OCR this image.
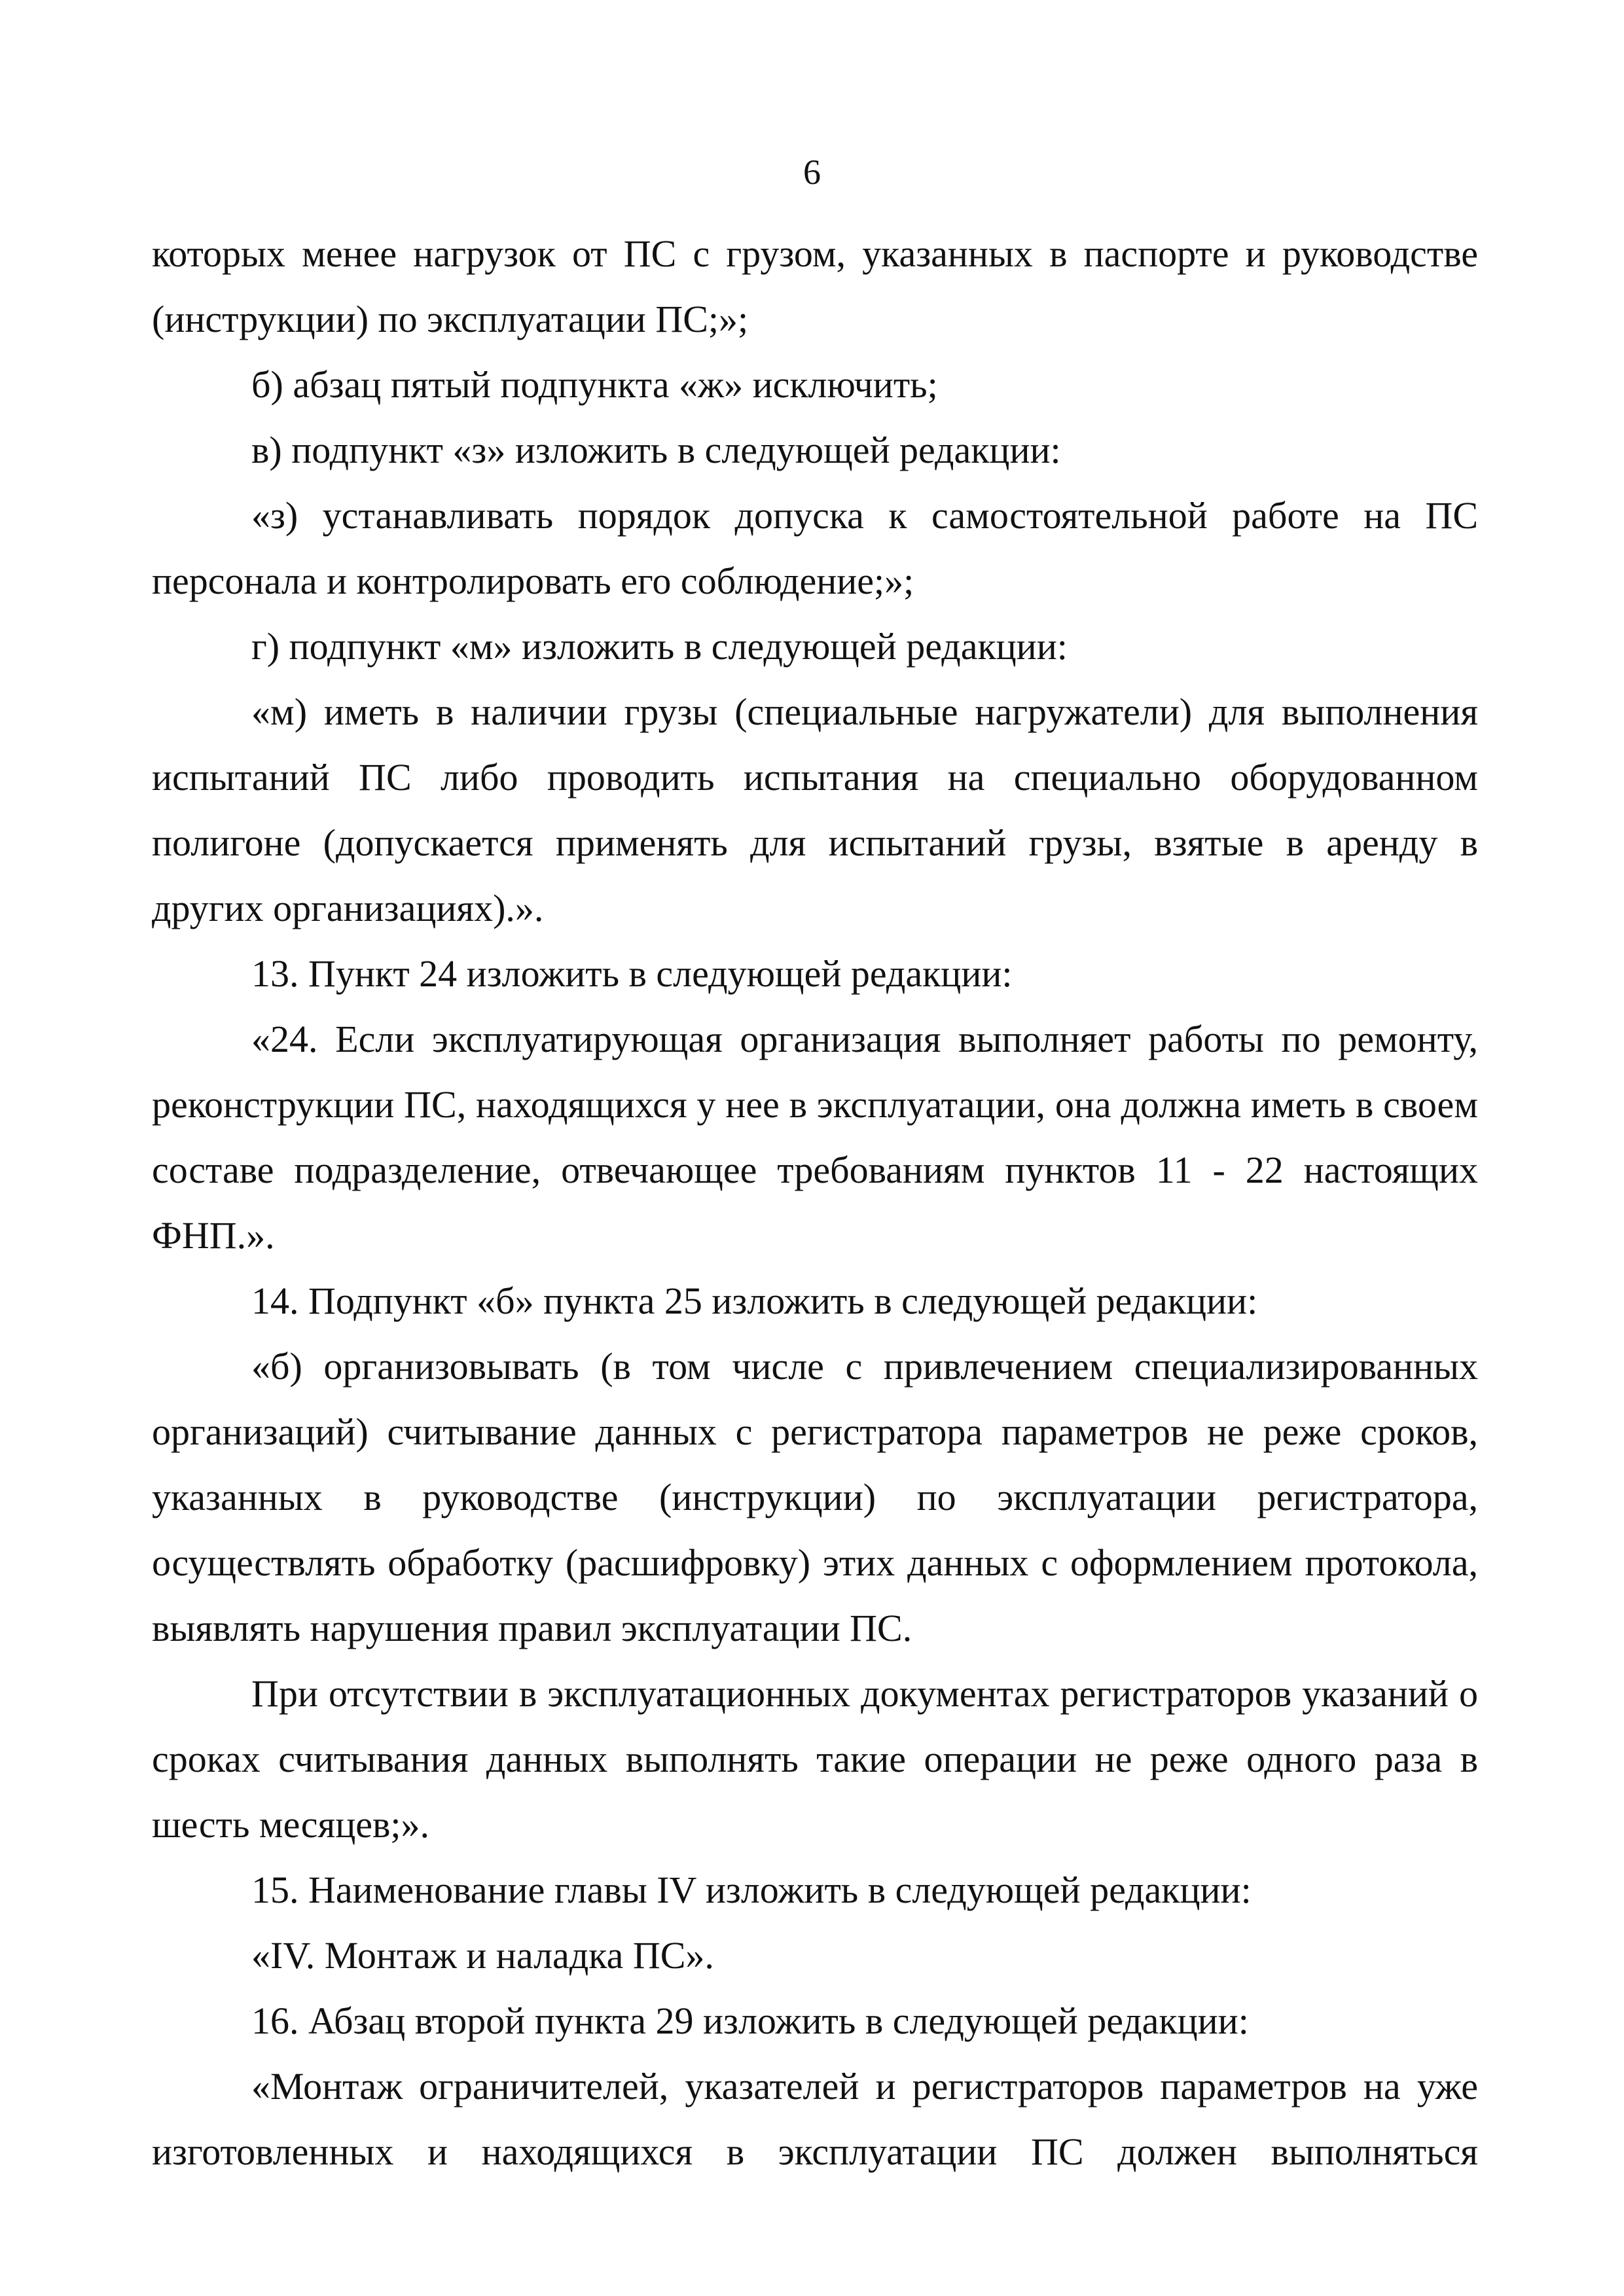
6

которых менее нагрузок от ПС с грузом, указанных в паспорте и руководстве (инструкции) по эксплуатации ПС;»;

б) абзац пятый подпункта «ж» исключить;

в) подпункт «з» изложить в следующей редакции:

«з) устанавливать порядок допуска к самостоятельной работе на ПС персонала и контролировать его соблюдение;»;

г) подпункт «м» изложить в следующей редакции:

«м) иметь в наличии грузы (специальные нагружатели) для выполнения испытаний ПС либо проводить испытания на специально оборудованном полигоне (допускается применять для испытаний грузы, взятые в аренду в других организациях).».

13. Пункт 24 изложить в следующей редакции:

«24. Если эксплуатирующая организация выполняет работы по ремонту, реконструкции ПС, находящихся у нее в эксплуатации, она должна иметь в своем составе подразделение, отвечающее требованиям пунктов 11 - 22 настоящих ФНП.».

14. Подпункт «б» пункта 25 изложить в следующей редакции:

«б) организовывать (в том числе с привлечением специализированных организаций) считывание данных с регистратора параметров не реже сроков, указанных в руководстве (инструкции) по эксплуатации регистратора, осуществлять обработку (расшифровку) этих данных с оформлением протокола, выявлять нарушения правил эксплуатации ПС.

При отсутствии в эксплуатационных документах регистраторов указаний о сроках считывания данных выполнять такие операции не реже одного раза в шесть месяцев;».

15. Наименование главы IV изложить в следующей редакции:

«IV. Монтаж и наладка ПС».

16. Абзац второй пункта 29 изложить в следующей редакции:

«Монтаж ограничителей, указателей и регистраторов параметров на уже изготовленных и находящихся в эксплуатации ПС должен выполняться
